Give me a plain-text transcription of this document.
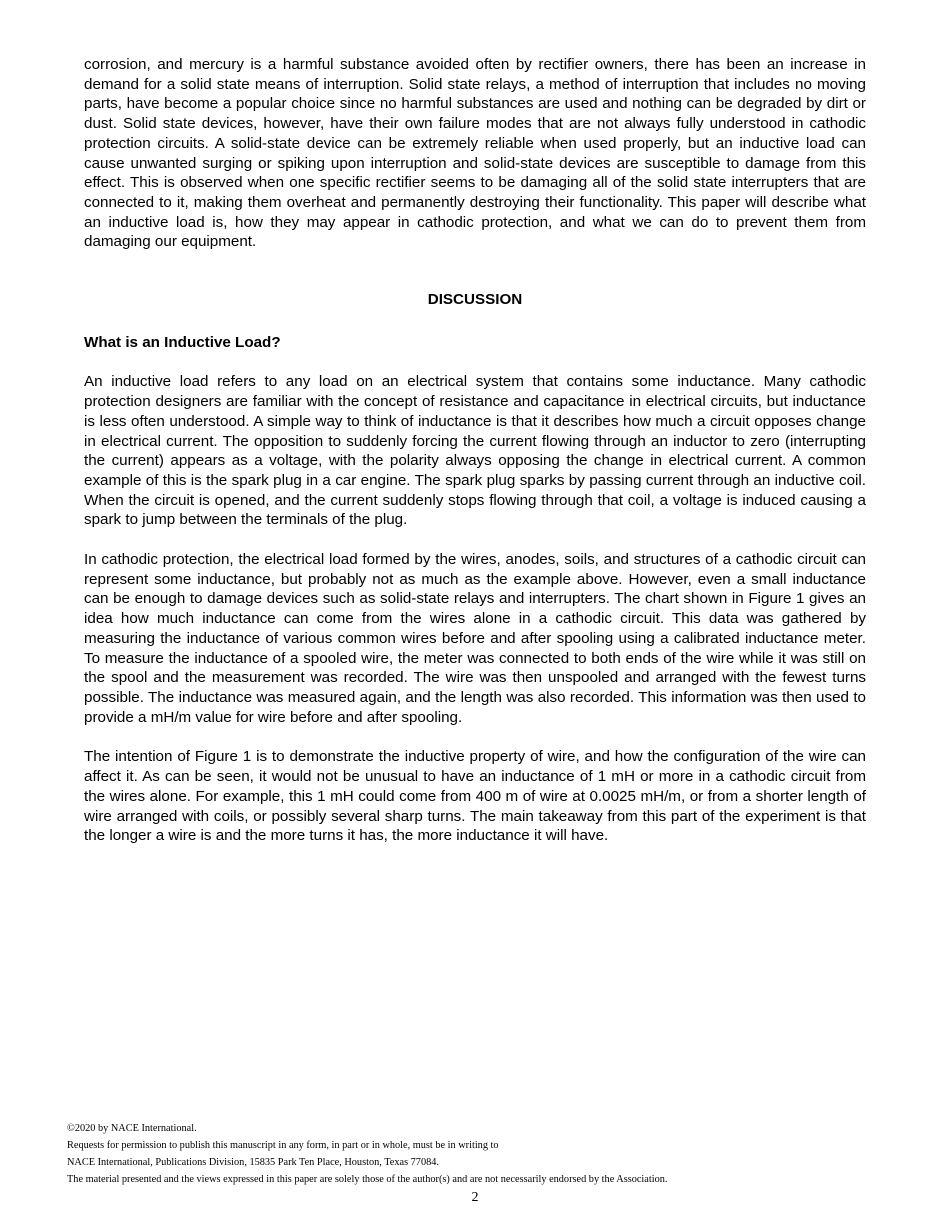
corrosion, and mercury is a harmful substance avoided often by rectifier owners, there has been an increase in demand for a solid state means of interruption. Solid state relays, a method of interruption that includes no moving parts, have become a popular choice since no harmful substances are used and nothing can be degraded by dirt or dust. Solid state devices, however, have their own failure modes that are not always fully understood in cathodic protection circuits. A solid-state device can be extremely reliable when used properly, but an inductive load can cause unwanted surging or spiking upon interruption and solid-state devices are susceptible to damage from this effect. This is observed when one specific rectifier seems to be damaging all of the solid state interrupters that are connected to it, making them overheat and permanently destroying their functionality. This paper will describe what an inductive load is, how they may appear in cathodic protection, and what we can do to prevent them from damaging our equipment.

DISCUSSION
What is an Inductive Load?

An inductive load refers to any load on an electrical system that contains some inductance. Many cathodic protection designers are familiar with the concept of resistance and capacitance in electrical circuits, but inductance is less often understood. A simple way to think of inductance is that it describes how much a circuit opposes change in electrical current. The opposition to suddenly forcing the current flowing through an inductor to zero (interrupting the current) appears as a voltage, with the polarity always opposing the change in electrical current. A common example of this is the spark plug in a car engine. The spark plug sparks by passing current through an inductive coil. When the circuit is opened, and the current suddenly stops flowing through that coil, a voltage is induced causing a spark to jump between the terminals of the plug.

In cathodic protection, the electrical load formed by the wires, anodes, soils, and structures of a cathodic circuit can represent some inductance, but probably not as much as the example above. However, even a small inductance can be enough to damage devices such as solid-state relays and interrupters. The chart shown in Figure 1 gives an idea how much inductance can come from the wires alone in a cathodic circuit. This data was gathered by measuring the inductance of various common wires before and after spooling using a calibrated inductance meter. To measure the inductance of a spooled wire, the meter was connected to both ends of the wire while it was still on the spool and the measurement was recorded. The wire was then unspooled and arranged with the fewest turns possible. The inductance was measured again, and the length was also recorded. This information was then used to provide a mH/m value for wire before and after spooling.

The intention of Figure 1 is to demonstrate the inductive property of wire, and how the configuration of the wire can affect it. As can be seen, it would not be unusual to have an inductance of 1 mH or more in a cathodic circuit from the wires alone. For example, this 1 mH could come from 400 m of wire at 0.0025 mH/m, or from a shorter length of wire arranged with coils, or possibly several sharp turns. The main takeaway from this part of the experiment is that the longer a wire is and the more turns it has, the more inductance it will have.

©2020 by NACE International.
Requests for permission to publish this manuscript in any form, in part or in whole, must be in writing to
NACE International, Publications Division, 15835 Park Ten Place, Houston, Texas 77084.
The material presented and the views expressed in this paper are solely those of the author(s) and are not necessarily endorsed by the Association.
2
